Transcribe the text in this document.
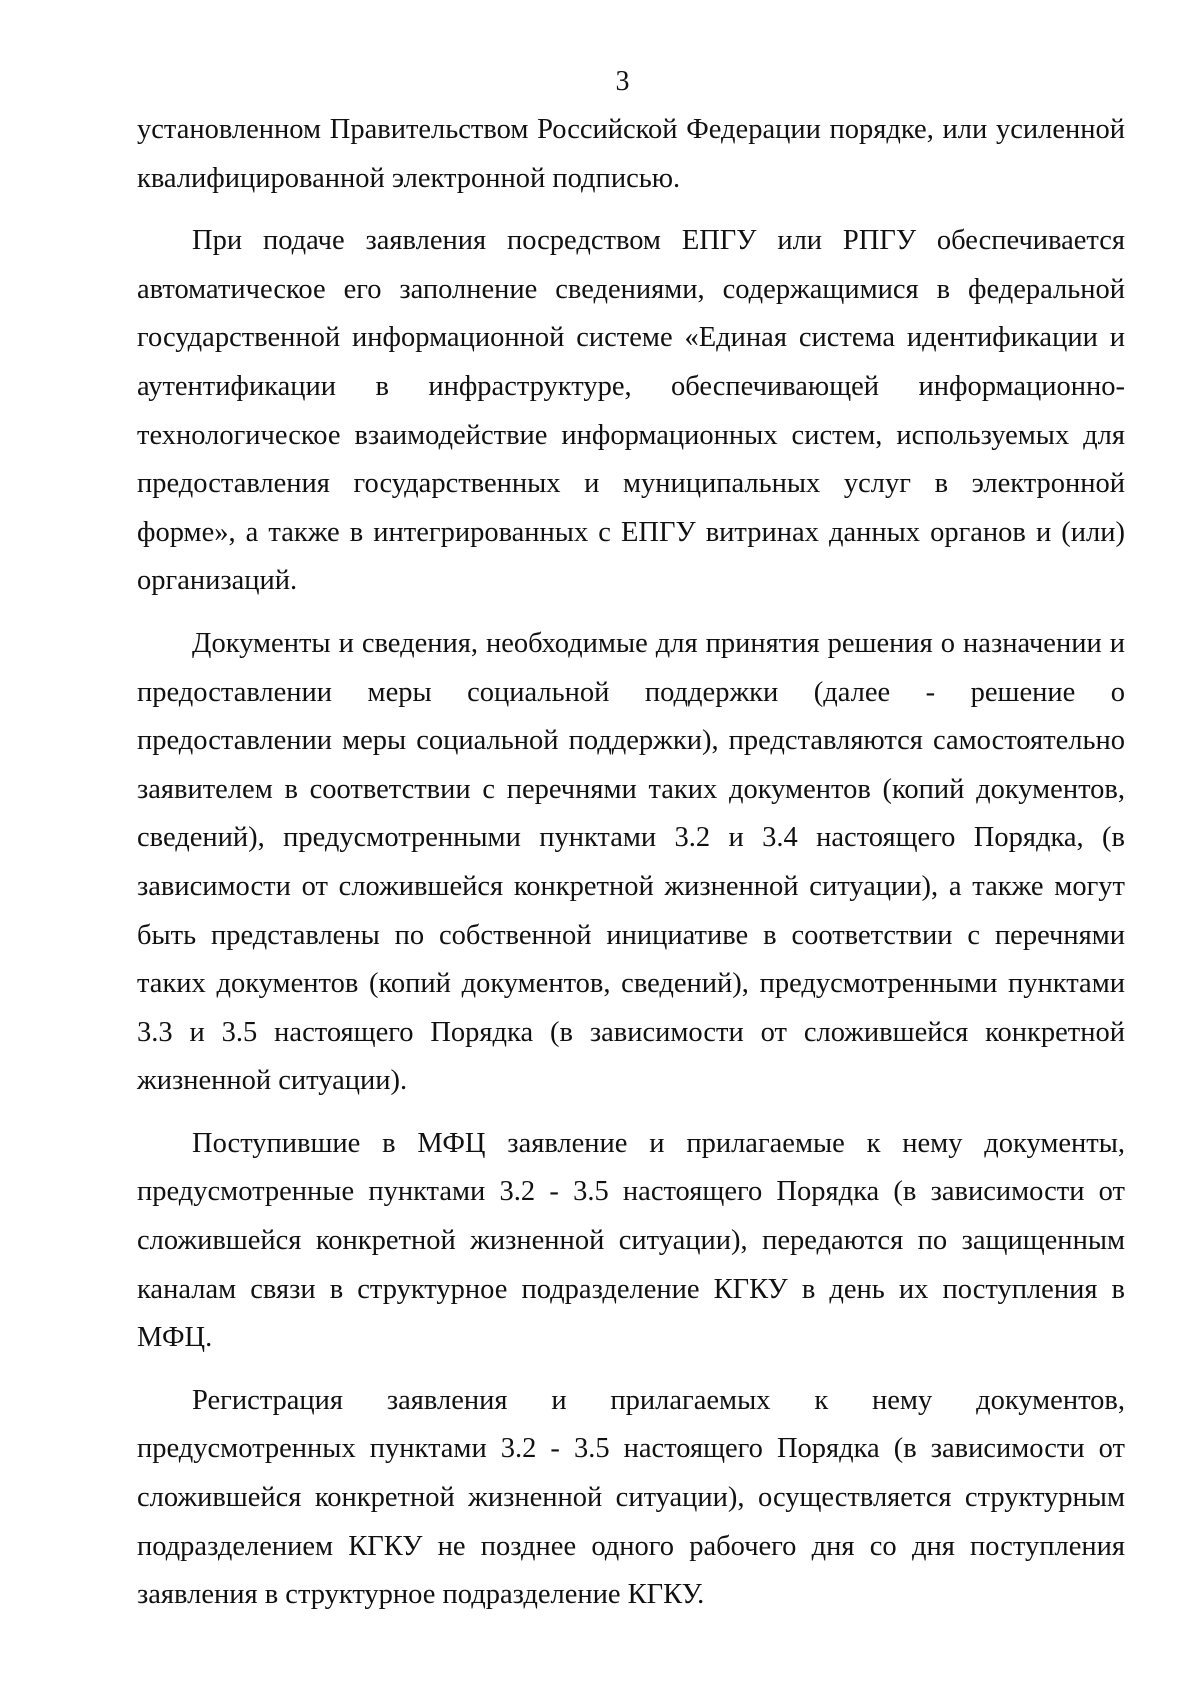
3

установленном Правительством Российской Федерации порядке, или усиленной квалифицированной электронной подписью.

При подаче заявления посредством ЕПГУ или РПГУ обеспечивается автоматическое его заполнение сведениями, содержащимися в федеральной государственной информационной системе «Единая система идентификации и аутентификации в инфраструктуре, обеспечивающей информационно-технологическое взаимодействие информационных систем, используемых для предоставления государственных и муниципальных услуг в электронной форме», а также в интегрированных с ЕПГУ витринах данных органов и (или) организаций.

Документы и сведения, необходимые для принятия решения о назначении и предоставлении меры социальной поддержки (далее - решение о предоставлении меры социальной поддержки), представляются самостоятельно заявителем в соответствии с перечнями таких документов (копий документов, сведений), предусмотренными пунктами 3.2 и 3.4 настоящего Порядка, (в зависимости от сложившейся конкретной жизненной ситуации), а также могут быть представлены по собственной инициативе в соответствии с перечнями таких документов (копий документов, сведений), предусмотренными пунктами 3.3 и 3.5 настоящего Порядка (в зависимости от сложившейся конкретной жизненной ситуации).

Поступившие в МФЦ заявление и прилагаемые к нему документы, предусмотренные пунктами 3.2 - 3.5 настоящего Порядка (в зависимости от сложившейся конкретной жизненной ситуации), передаются по защищенным каналам связи в структурное подразделение КГКУ в день их поступления в МФЦ.

Регистрация заявления и прилагаемых к нему документов, предусмотренных пунктами 3.2 - 3.5 настоящего Порядка (в зависимости от сложившейся конкретной жизненной ситуации), осуществляется структурным подразделением КГКУ не позднее одного рабочего дня со дня поступления заявления в структурное подразделение КГКУ.
